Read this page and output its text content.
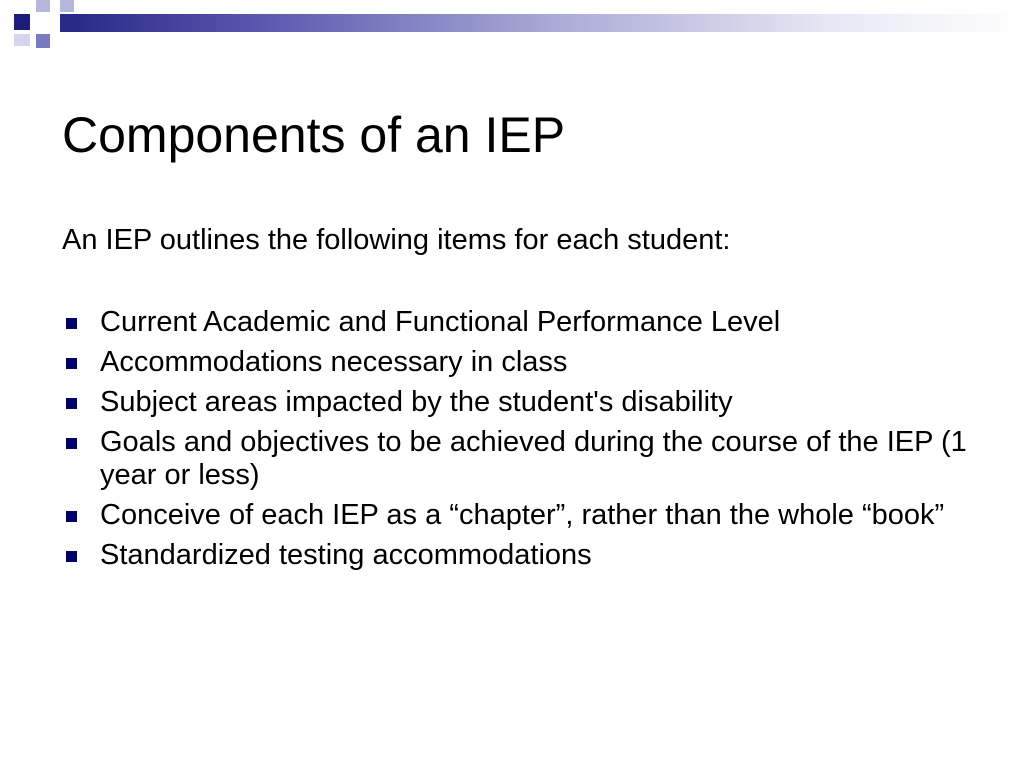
Components of an IEP

An IEP outlines the following items for each student:

Current Academic and Functional Performance Level
Accommodations necessary in class
Subject areas impacted by the student's disability
Goals and objectives to be achieved during the course of the IEP (1 year or less)
Conceive of each IEP as a “chapter”, rather than the whole “book”
Standardized testing accommodations
